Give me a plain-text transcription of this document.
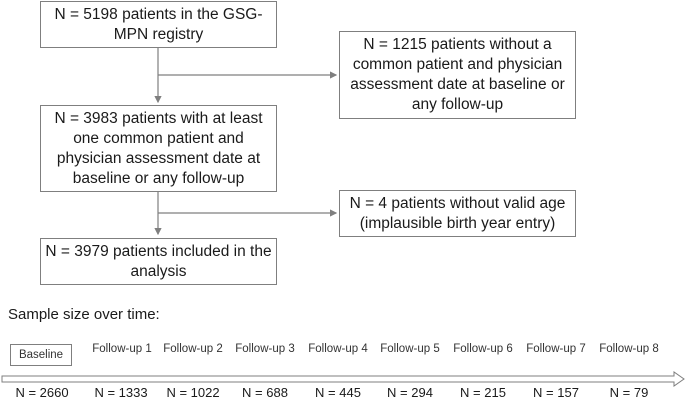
N = 5198 patients in the GSG-MPN registry
N = 1215 patients without a common patient and physician assessment date at baseline or any follow-up
N = 3983 patients with at least one common patient and physician assessment date at baseline or any follow-up
N = 4 patients without valid age (implausible birth year entry)
N = 3979 patients included in the analysis
Sample size over time:
Baseline	Follow-up 1	Follow-up 2	Follow-up 3	Follow-up 4	Follow-up 5	Follow-up 6	Follow-up 7	Follow-up 8
N = 2660	N = 1333	N = 1022	N = 688	N = 445	N = 294	N = 215	N = 157	N = 79
